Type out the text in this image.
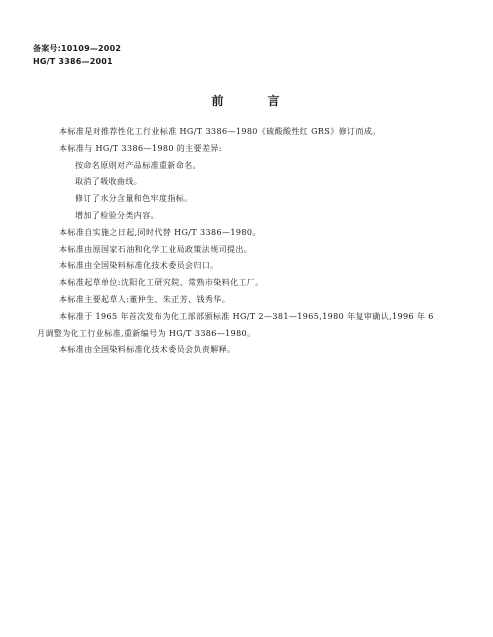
备案号:10109—2002
HG/T 3386—2001
前	言
本标准是对推荐性化工行业标准 HG/T 3386—1980《硫酸酸性红 GRS》修订而成。
本标准与 HG/T 3386—1980 的主要差异:
按命名原则对产品标准重新命名。
取消了吸收曲线。
修订了水分含量和色牢度指标。
增加了检验分类内容。
本标准自实施之日起,同时代替 HG/T 3386—1980。
本标准由原国家石油和化学工业局政策法规司提出。
本标准由全国染料标准化技术委员会归口。
本标准起草单位:沈阳化工研究院、常熟市染料化工厂。
本标准主要起草人:董仲生、朱正芳、钱秀华。
本标准于 1965 年首次发布为化工部部颁标准 HG/T 2—381—1965,1980 年复审确认,1996 年 6
月调整为化工行业标准,重新编号为 HG/T 3386—1980。
本标准由全国染料标准化技术委员会负责解释。
